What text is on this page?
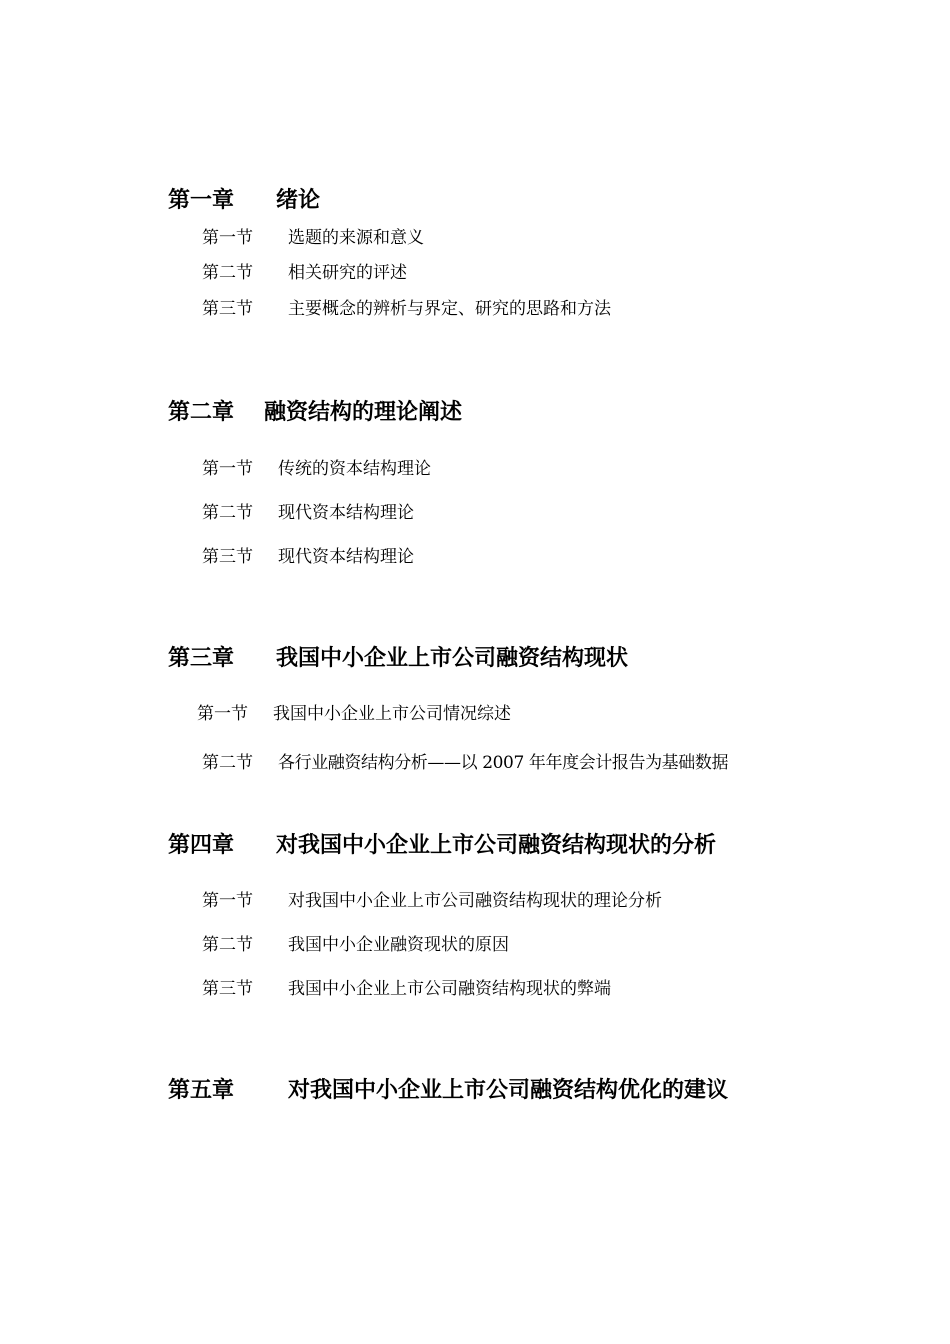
第一章 绪论
第一节 选题的来源和意义
第二节 相关研究的评述
第三节 主要概念的辨析与界定、研究的思路和方法
第二章 融资结构的理论阐述
第一节 传统的资本结构理论
第二节 现代资本结构理论
第三节 现代资本结构理论
第三章 我国中小企业上市公司融资结构现状
第一节 我国中小企业上市公司情况综述
第二节 各行业融资结构分析——以 2007 年年度会计报告为基础数据
第四章 对我国中小企业上市公司融资结构现状的分析
第一节 对我国中小企业上市公司融资结构现状的理论分析
第二节 我国中小企业融资现状的原因
第三节 我国中小企业上市公司融资结构现状的弊端
第五章 对我国中小企业上市公司融资结构优化的建议
